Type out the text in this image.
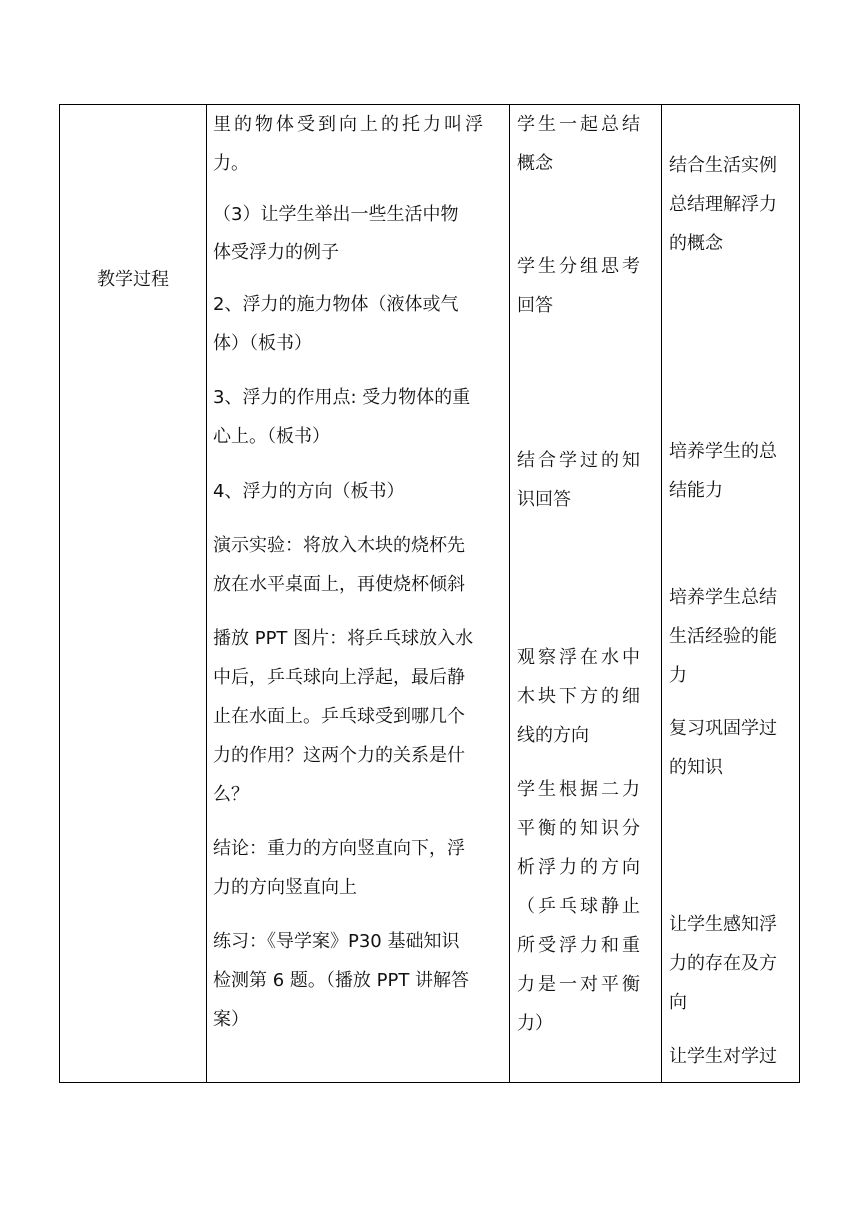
教学过程
里的物体受到向上的托力叫浮
力。
（3）让学生举出一些生活中物
体受浮力的例子
2、浮力的施力物体（液体或气
体）（板书）
3、浮力的作用点: 受力物体的重
心上。（板书）
4、浮力的方向（板书）
演示实验：将放入木块的烧杯先
放在水平桌面上，再使烧杯倾斜
播放 PPT 图片：将乒乓球放入水
中后，乒乓球向上浮起，最后静
止在水面上。乒乓球受到哪几个
力的作用？这两个力的关系是什
么？
结论：重力的方向竖直向下，浮
力的方向竖直向上
练习：《导学案》P30 基础知识
检测第 6 题。（播放 PPT 讲解答
案）
学生一起总结
概念
学生分组思考
回答
结合学过的知
识回答
观察浮在水中
木块下方的细
线的方向
学生根据二力
平衡的知识分
析浮力的方向
（乒乓球静止
所受浮力和重
力是一对平衡
力）
结合生活实例
总结理解浮力
的概念
培养学生的总
结能力
培养学生总结
生活经验的能
力
复习巩固学过
的知识
让学生感知浮
力的存在及方
向
让学生对学过
